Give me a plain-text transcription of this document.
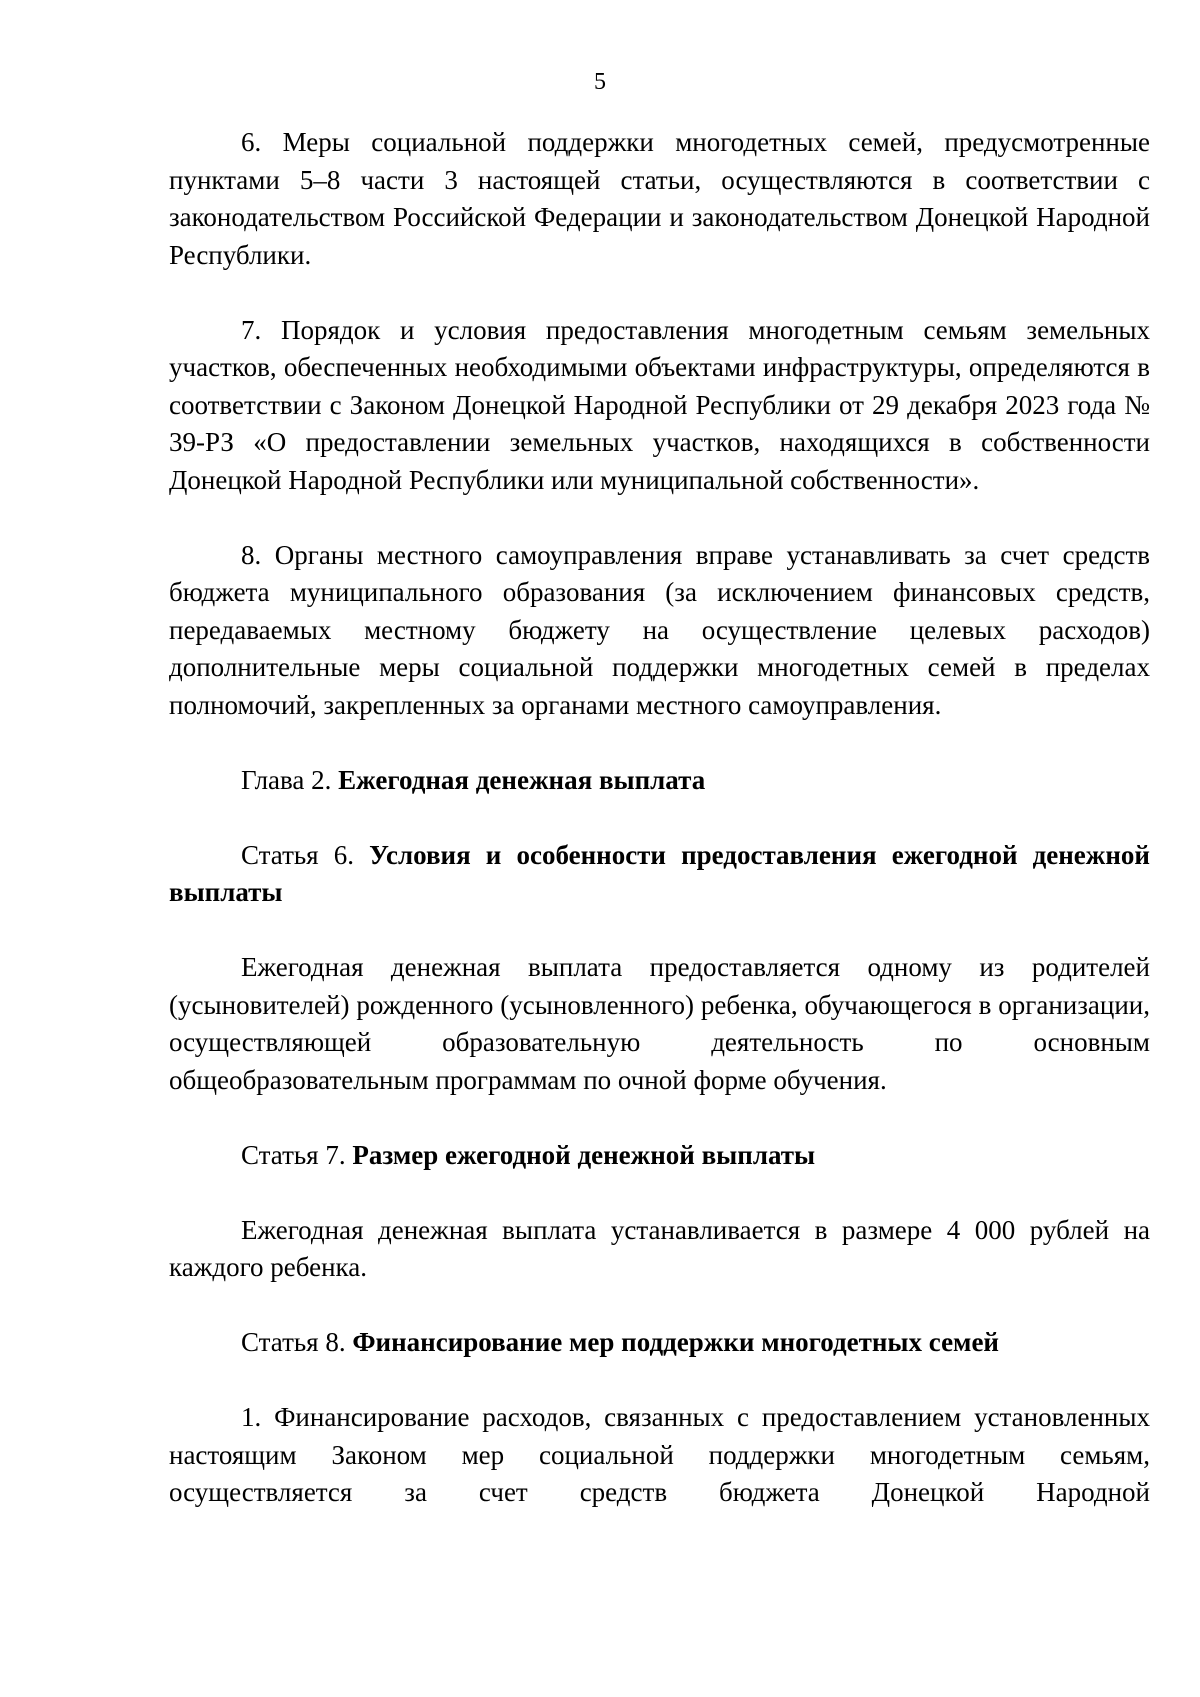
5

6. Меры социальной поддержки многодетных семей, предусмотренные пунктами 5–8 части 3 настоящей статьи, осуществляются в соответствии с законодательством Российской Федерации и законодательством Донецкой Народной Республики.

7. Порядок и условия предоставления многодетным семьям земельных участков, обеспеченных необходимыми объектами инфраструктуры, определяются в соответствии с Законом Донецкой Народной Республики от 29 декабря 2023 года № 39-РЗ «О предоставлении земельных участков, находящихся в собственности Донецкой Народной Республики или муниципальной собственности».

8. Органы местного самоуправления вправе устанавливать за счет средств бюджета муниципального образования (за исключением финансовых средств, передаваемых местному бюджету на осуществление целевых расходов) дополнительные меры социальной поддержки многодетных семей в пределах полномочий, закрепленных за органами местного самоуправления.

Глава 2. Ежегодная денежная выплата

Статья 6. Условия и особенности предоставления ежегодной денежной выплаты

Ежегодная денежная выплата предоставляется одному из родителей (усыновителей) рожденного (усыновленного) ребенка, обучающегося в организации, осуществляющей образовательную деятельность по основным общеобразовательным программам по очной форме обучения.

Статья 7. Размер ежегодной денежной выплаты

Ежегодная денежная выплата устанавливается в размере 4 000 рублей на каждого ребенка.

Статья 8. Финансирование мер поддержки многодетных семей

1. Финансирование расходов, связанных с предоставлением установленных настоящим Законом мер социальной поддержки многодетным семьям, осуществляется за счет средств бюджета Донецкой Народной
